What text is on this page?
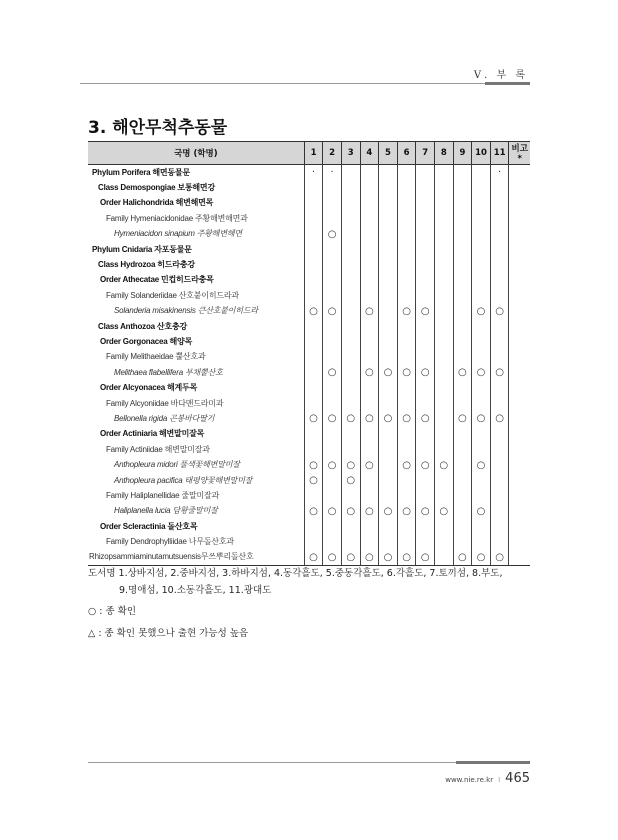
Ⅴ. 부 록
3. 해안무척추동물
국명 (학명)	1	2	3	4	5	6	7	8	9	10	11	비고*
Phylum Porifera 해면동물문	·	·									·	
Class Demospongiae 보통해면강												
Order Halichondrida 해변해면목												
Family Hymeniacidonidae 주황해변해면과												
Hymeniacidon sinapium 주황해변해면		○										
Phylum Cnidaria 자포동물문												
Class Hydrozoa 히드라충강												
Order Athecatae 민컵히드라충목												
Family Solanderiidae 산호붙이히드라과												
Solanderia misakinensis 큰산호붙이히드라	○	○		○		○	○			○	○	
Class Anthozoa 산호충강												
Order Gorgonacea 해양목												
Family Melithaeidae 뿔산호과												
Melithaea flabellifera 부채뿔산호		○		○	○	○	○		○	○	○	
Order Alcyonacea 해계두목												
Family Alcyoniidae 바다맨드라미과												
Bellonella rigida 곤봉바다딸기	○	○	○	○	○	○	○		○	○	○	
Order Actiniaria 해변말미잘목												
Family Actiniidae 해변말미잘과												
Anthopleura midori 풀색꽃해변말미잘	○	○	○	○		○	○	○		○		
Anthopleura pacifica 태평양꽃해변말미잘	○		○									
Family Haliplanellidae 줄말미잘과												
Haliplanella lucia 담황줄말미잘	○	○	○	○	○	○	○	○		○		
Order Scleractinia 돌산호목												
Family Dendrophylliidae 나무돌산호과												
Rhizopsammiaminutamutsuensis무쓰뿌리돌산호	○	○	○	○	○	○	○		○	○	○	
도서명 1.상바지섬, 2.중바지섬, 3.하바지섬, 4.동각흘도, 5.중동각흘도, 6.각흘도, 7.토끼섬, 8.부도,
9.명애섬, 10.소동각흘도, 11.광대도
○ : 종 확인
△ : 종 확인 못했으나 출현 가능성 높음
www.nie.re.kr I 465
